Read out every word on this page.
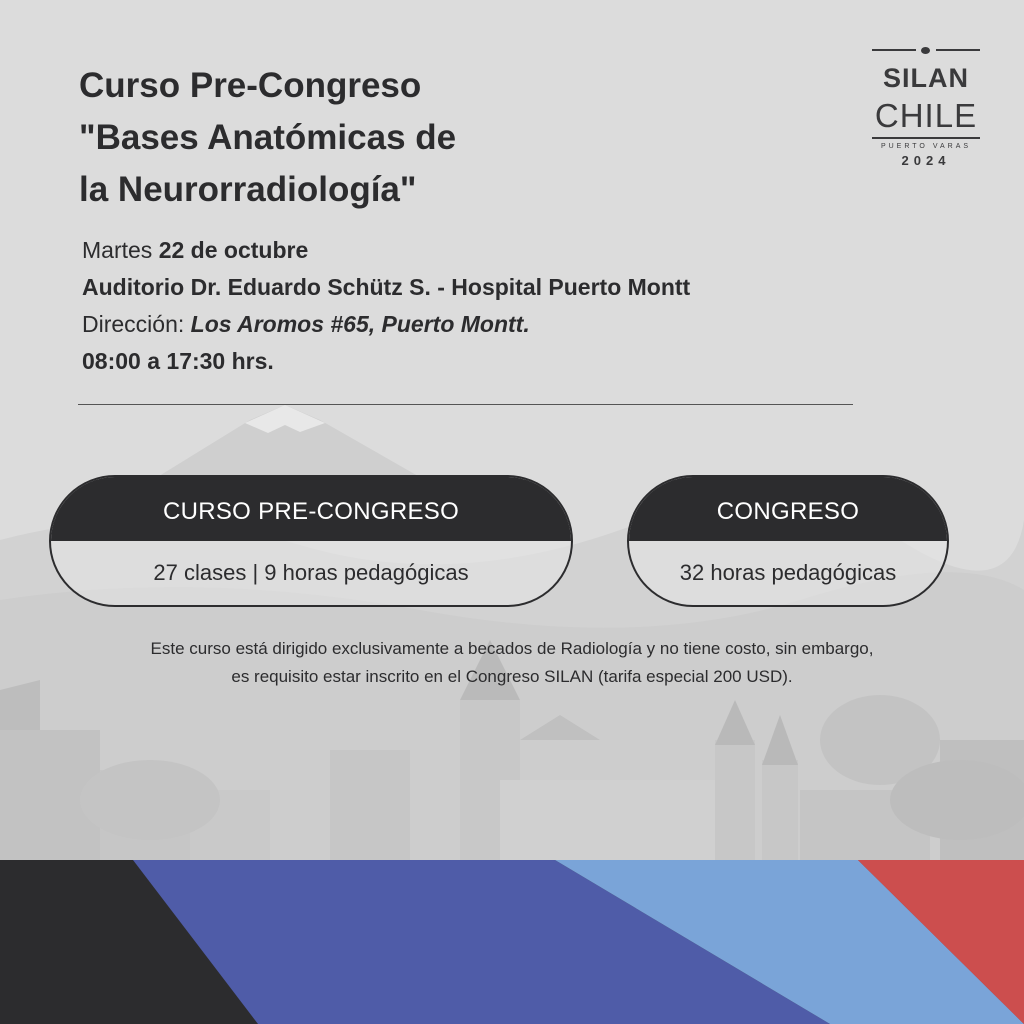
Curso Pre-Congreso
"Bases Anatómicas de
la Neurorradiología"
SILAN
CHILE
PUERTO VARAS
2024
Martes 22 de octubre
Auditorio Dr. Eduardo Schütz S. - Hospital Puerto Montt
Dirección: Los Aromos #65, Puerto Montt.
08:00 a 17:30 hrs.
CURSO PRE-CONGRESO
27 clases | 9 horas pedagógicas
CONGRESO
32 horas pedagógicas
Este curso está dirigido exclusivamente a becados de Radiología y no tiene costo, sin embargo,
es requisito estar inscrito en el Congreso SILAN (tarifa especial 200 USD).
